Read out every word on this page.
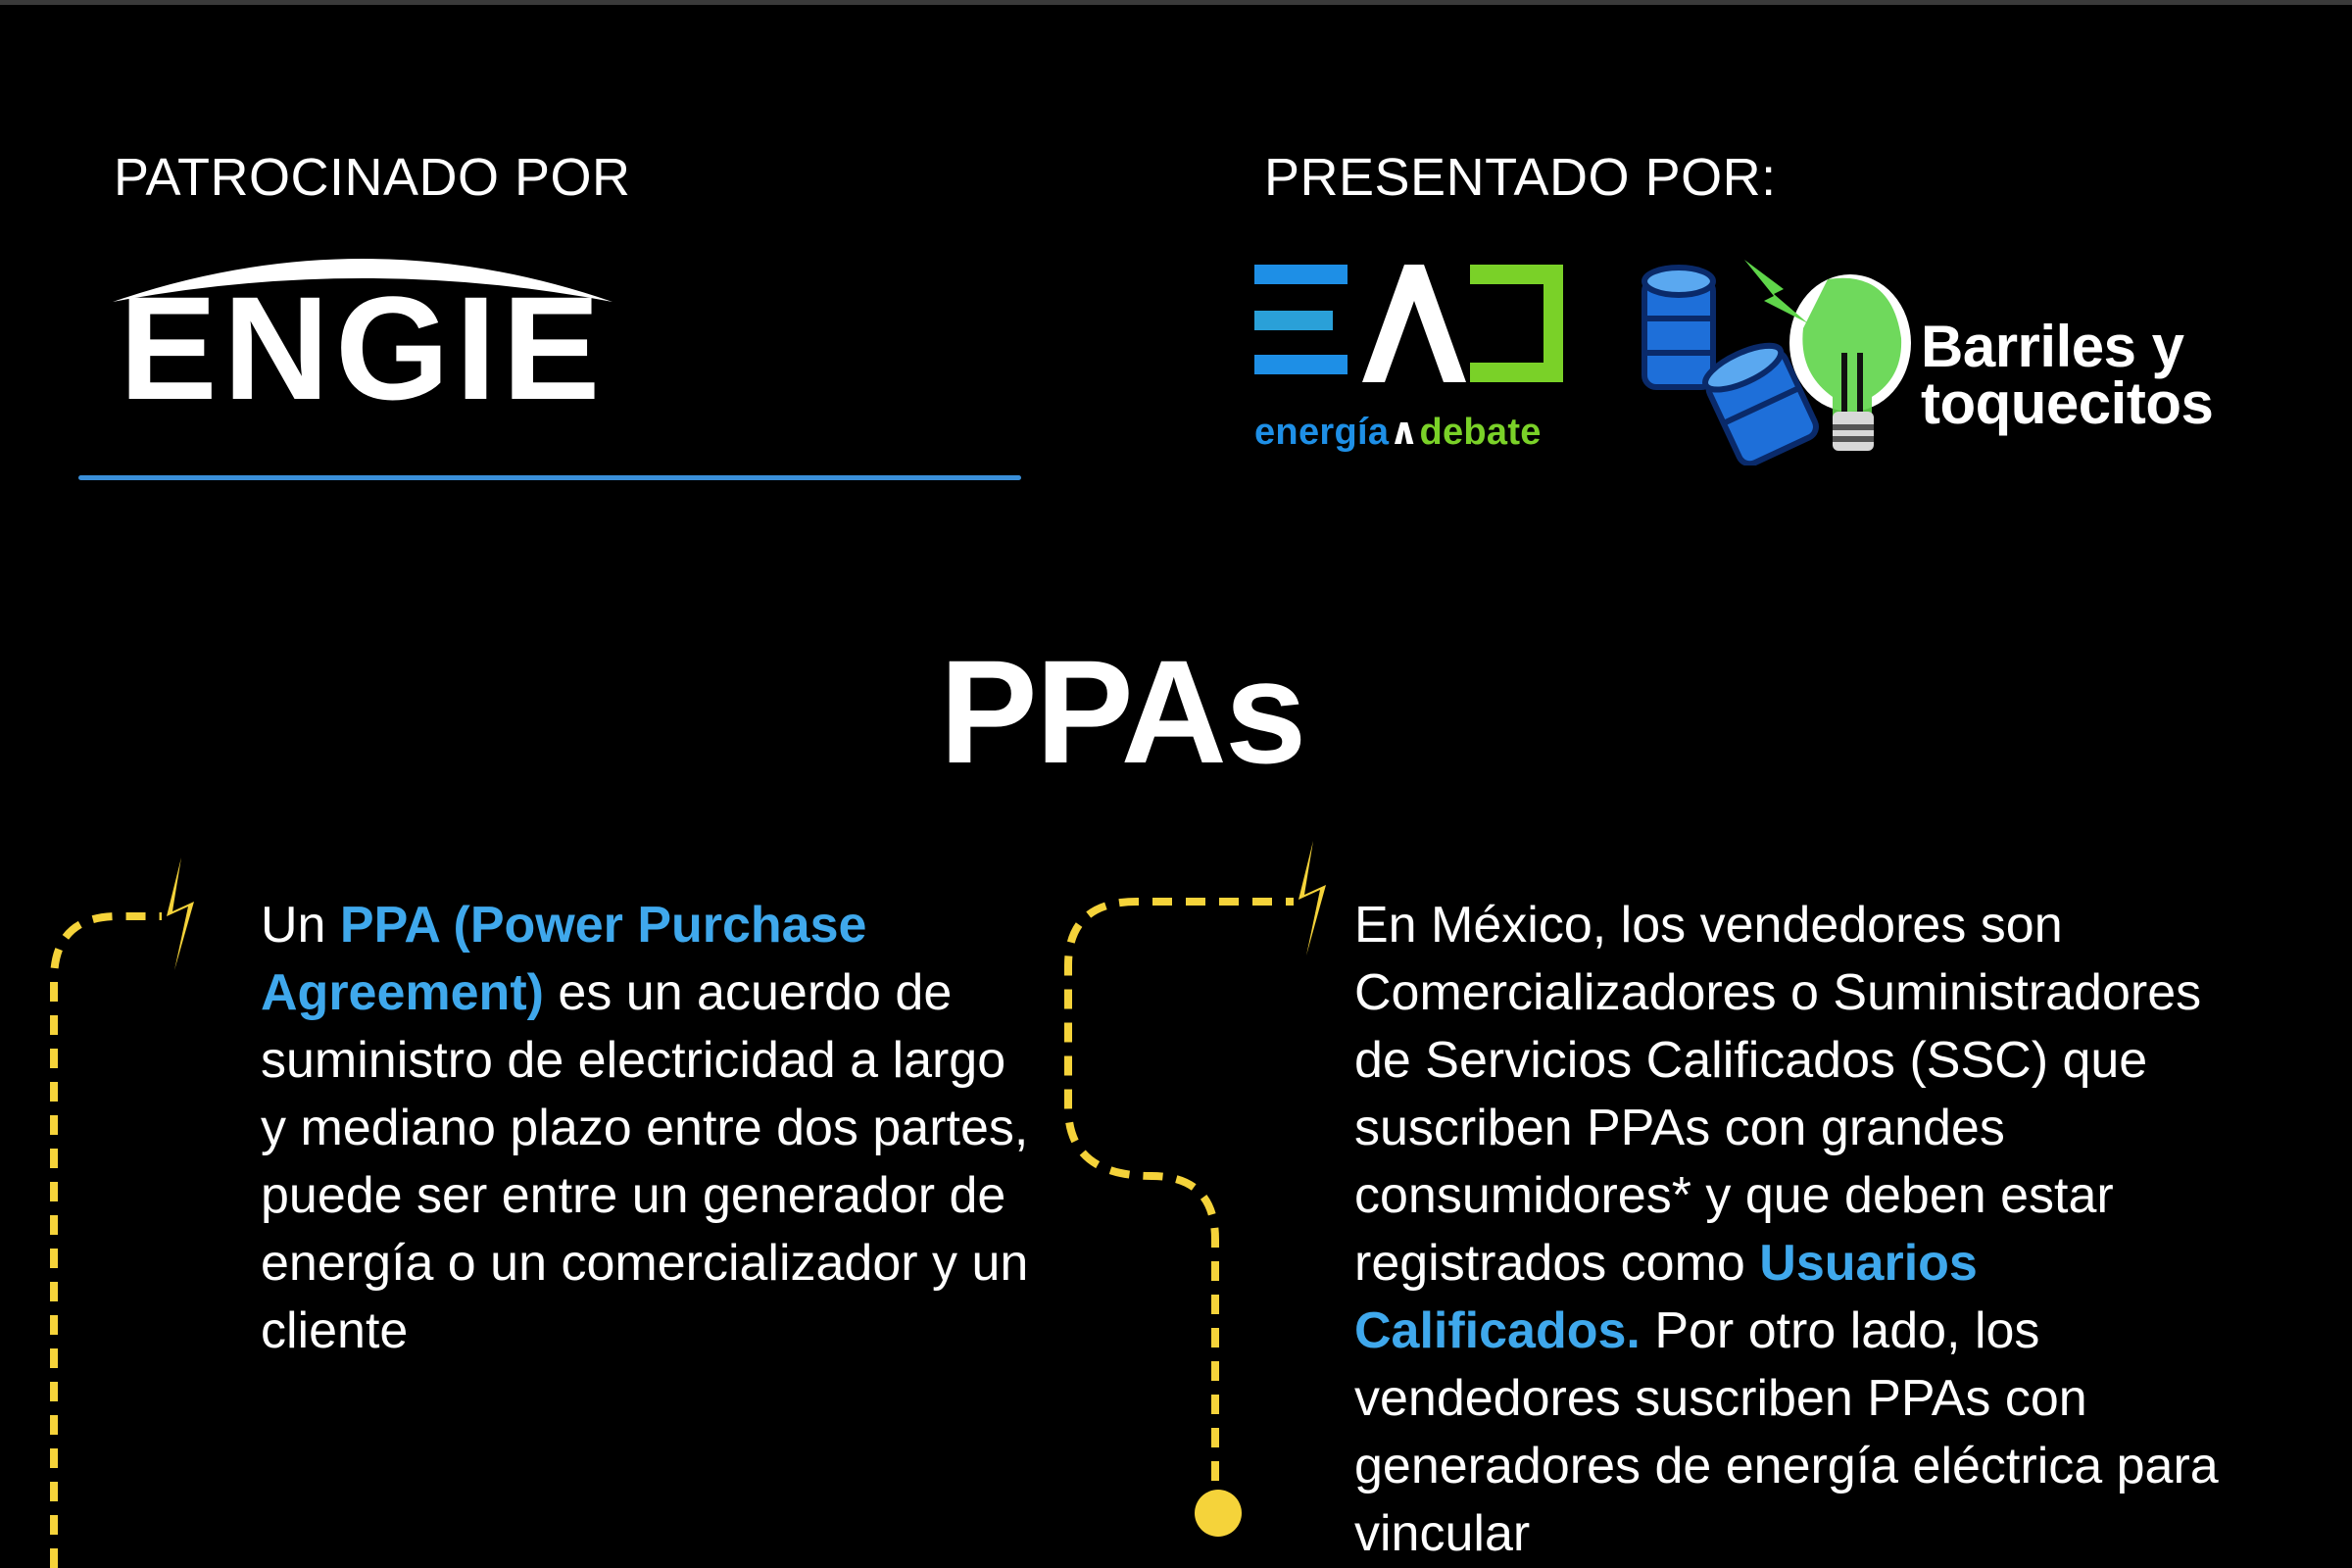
PATROCINADO POR	PRESENTADO POR:
ENGIE
energía∧debate
Barriles y
toquecitos
PPAs
Un PPA (Power Purchase Agreement) es un acuerdo de suministro de electricidad a largo y mediano plazo entre dos partes, puede ser entre un generador de energía o un comercializador y un cliente
En México, los vendedores son Comercializadores o Suministradores de Servicios Calificados (SSC) que suscriben PPAs con grandes consumidores* y que deben estar registrados como Usuarios Calificados. Por otro lado, los vendedores suscriben PPAs con generadores de energía eléctrica para vincular
